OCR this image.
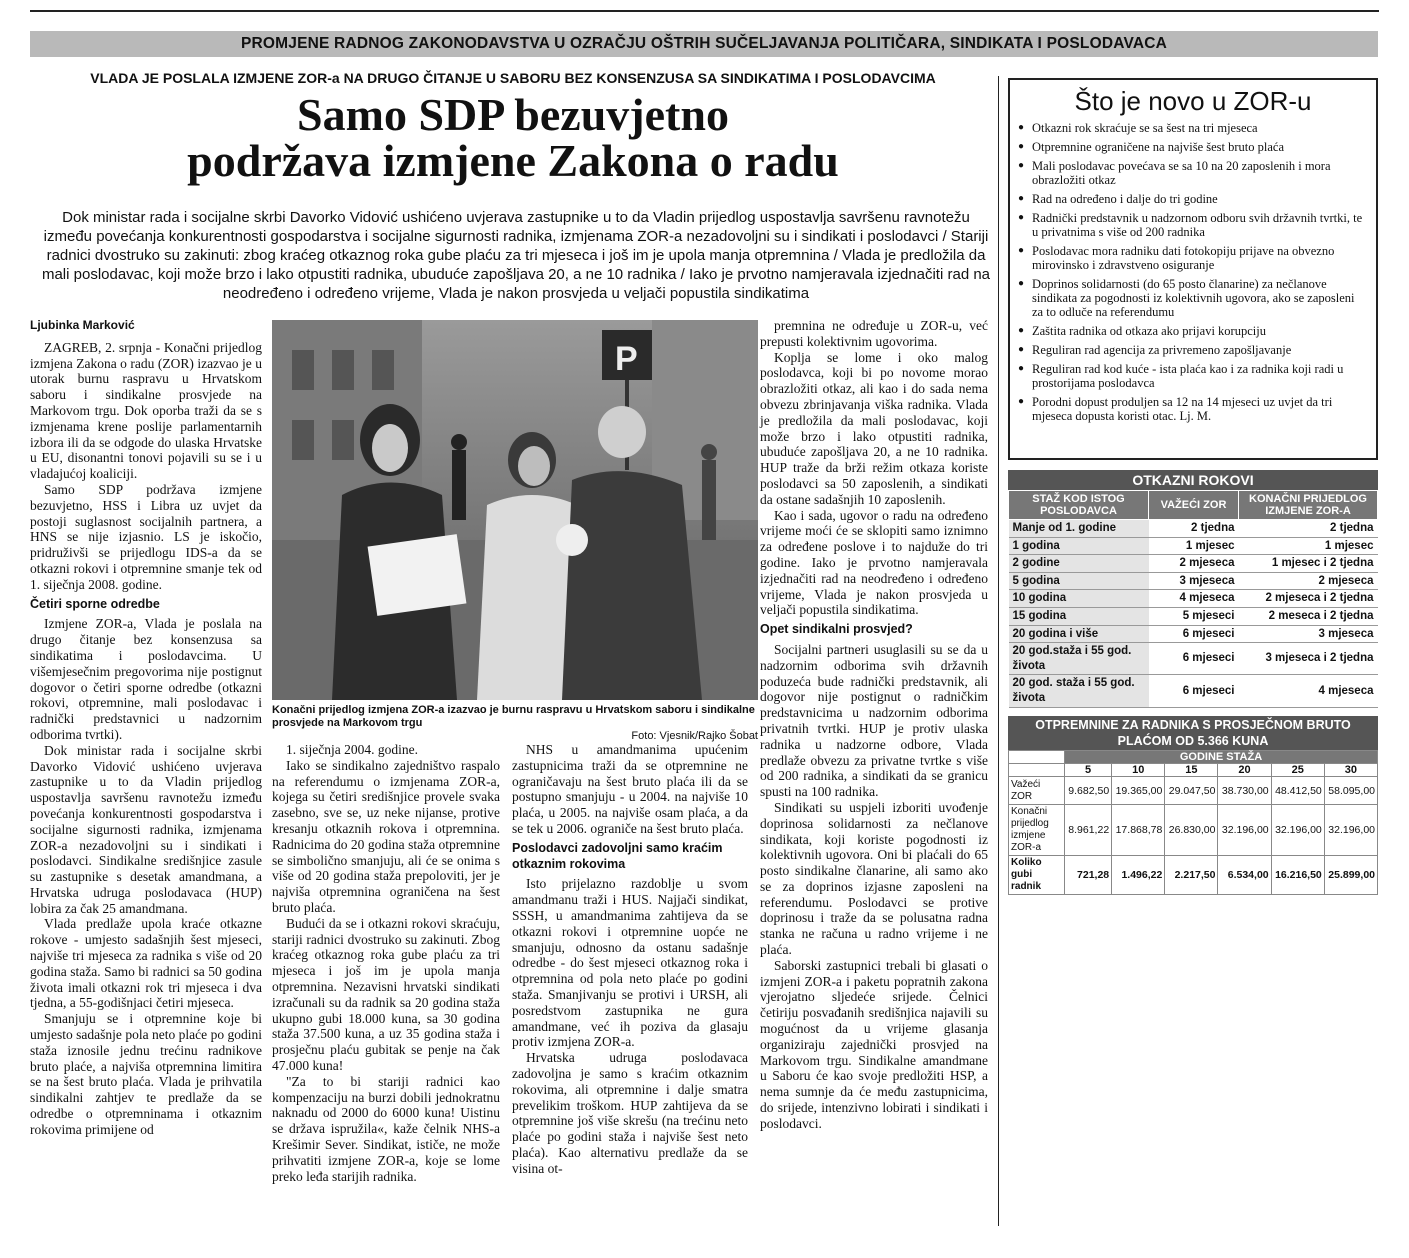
PROMJENE RADNOG ZAKONODAVSTVA U OZRAČJU OŠTRIH SUČELJAVANJA POLITIČARA, SINDIKATA I POSLODAVACA
VLADA JE POSLALA IZMJENE ZOR-a NA DRUGO ČITANJE U SABORU BEZ KONSENZUSA SA SINDIKATIMA I POSLODAVCIMA
Samo SDP bezuvjetno
podržava izmjene Zakona o radu
Dok ministar rada i socijalne skrbi Davorko Vidović ushićeno uvjerava zastupnike u to da Vladin prijedlog uspostavlja savršenu ravnotežu između povećanja konkurentnosti gospodarstva i socijalne sigurnosti radnika, izmjenama ZOR-a nezadovoljni su i sindikati i poslodavci / Stariji radnici dvostruko su zakinuti: zbog kraćeg otkaznog roka gube plaću za tri mjeseca i još im je upola manja otpremnina / Vlada je predložila da mali poslodavac, koji može brzo i lako otpustiti radnika, ubuduće zapošljava 20, a ne 10 radnika / Iako je prvotno namjeravala izjednačiti rad na neodređeno i određeno vrijeme, Vlada je nakon prosvjeda u veljači popustila sindikatima
Ljubinka Marković

ZAGREB, 2. srpnja - Konačni prijedlog izmjena Zakona o radu (ZOR) izazvao je u utorak burnu raspravu u Hrvatskom saboru i sindikalne prosvjede na Markovom trgu. Dok oporba traži da se s izmjenama krene poslije parlamentarnih izbora ili da se odgode do ulaska Hrvatske u EU, disonantni tonovi pojavili su se i u vladajućoj koaliciji.

Samo SDP podržava izmjene bezuvjetno, HSS i Libra uz uvjet da postoji suglasnost socijalnih partnera, a HNS se nije izjasnio. LS je iskočio, pridruživši se prijedlogu IDS-a da se otkazni rokovi i otpremnine smanje tek od 1. siječnja 2008. godine.

Četiri sporne odredbe

Izmjene ZOR-a, Vlada je poslala na drugo čitanje bez konsenzusa sa sindikatima i poslodavcima. U višemjesečnim pregovorima nije postignut dogovor o četiri sporne odredbe (otkazni rokovi, otpremnine, mali poslodavac i radnički predstavnici u nadzornim odborima tvrtki).

Dok ministar rada i socijalne skrbi Davorko Vidović ushićeno uvjerava zastupnike u to da Vladin prijedlog uspostavlja savršenu ravnotežu između povećanja konkurentnosti gospodarstva i socijalne sigurnosti radnika, izmjenama ZOR-a nezadovoljni su i sindikati i poslodavci. Sindikalne središnjice zasule su zastupnike s desetak amandmana, a Hrvatska udruga poslodavaca (HUP) lobira za čak 25 amandmana.

Vlada predlaže upola kraće otkazne rokove - umjesto sadašnjih šest mjeseci, najviše tri mjeseca za radnika s više od 20 godina staža. Samo bi radnici sa 50 godina života imali otkazni rok tri mjeseca i dva tjedna, a 55-godišnjaci četiri mjeseca.

Smanjuju se i otpremnine koje bi umjesto sadašnje pola neto plaće po godini staža iznosile jednu trećinu radnikove bruto plaće, a najviša otpremnina limitira se na šest bruto plaća. Vlada je prihvatila sindikalni zahtjev te predlaže da se odredbe o otpremninama i otkaznim rokovima primijene od

P
Konačni prijedlog izmjena ZOR-a izazvao je burnu raspravu u Hrvatskom saboru i sindikalne prosvjede na Markovom trgu
Foto: Vjesnik/Rajko Šobat

1. siječnja 2004. godine.

Iako se sindikalno zajedništvo raspalo na referendumu o izmjenama ZOR-a, kojega su četiri središnjice provele svaka zasebno, sve se, uz neke nijanse, protive kresanju otkaznih rokova i otpremnina. Radnicima do 20 godina staža otpremnine se simbolično smanjuju, ali će se onima s više od 20 godina staža prepoloviti, jer je najviša otpremnina ograničena na šest bruto plaća.

Budući da se i otkazni rokovi skraćuju, stariji radnici dvostruko su zakinuti. Zbog kraćeg otkaznog roka gube plaću za tri mjeseca i još im je upola manja otpremnina. Nezavisni hrvatski sindikati izračunali su da radnik sa 20 godina staža ukupno gubi 18.000 kuna, sa 30 godina staža 37.500 kuna, a uz 35 godina staža i prosječnu plaću gubitak se penje na čak 47.000 kuna!

"Za to bi stariji radnici kao kompenzaciju na burzi dobili jednokratnu naknadu od 2000 do 6000 kuna! Uistinu se država ispružila«, kaže čelnik NHS-a Krešimir Sever. Sindikat, ističe, ne može prihvatiti izmjene ZOR-a, koje se lome preko leđa starijih radnika.

NHS u amandmanima upućenim zastupnicima traži da se otpremnine ne ograničavaju na šest bruto plaća ili da se postupno smanjuju - u 2004. na najviše 10 plaća, u 2005. na najviše osam plaća, a da se tek u 2006. ograniče na šest bruto plaća.

Poslodavci zadovoljni samo kraćim otkaznim rokovima

Isto prijelazno razdoblje u svom amandmanu traži i HUS. Najjači sindikat, SSSH, u amandmanima zahtijeva da se otkazni rokovi i otpremnine uopće ne smanjuju, odnosno da ostanu sadašnje odredbe - do šest mjeseci otkaznog roka i otpremnina od pola neto plaće po godini staža. Smanjivanju se protivi i URSH, ali posredstvom zastupnika ne gura amandmane, već ih poziva da glasaju protiv izmjena ZOR-a.

Hrvatska udruga poslodavaca zadovoljna je samo s kraćim otkaznim rokovima, ali otpremnine i dalje smatra prevelikim troškom. HUP zahtijeva da se otpremnine još više skrešu (na trećinu neto plaće po godini staža i najviše šest neto plaća). Kao alternativu predlaže da se visina ot-

premnina ne određuje u ZOR-u, već prepusti kolektivnim ugovorima.

Koplja se lome i oko malog poslodavca, koji bi po novome morao obrazložiti otkaz, ali kao i do sada nema obvezu zbrinjavanja viška radnika. Vlada je predložila da mali poslodavac, koji može brzo i lako otpustiti radnika, ubuduće zapošljava 20, a ne 10 radnika. HUP traže da brži režim otkaza koriste poslodavci sa 50 zaposlenih, a sindikati da ostane sadašnjih 10 zaposlenih.

Kao i sada, ugovor o radu na određeno vrijeme moći će se sklopiti samo iznimno za određene poslove i to najduže do tri godine. Iako je prvotno namjeravala izjednačiti rad na neodređeno i određeno vrijeme, Vlada je nakon prosvjeda u veljači popustila sindikatima.

Opet sindikalni prosvjed?

Socijalni partneri usuglasili su se da u nadzornim odborima svih državnih poduzeća bude radnički predstavnik, ali dogovor nije postignut o radničkim predstavnicima u nadzornim odborima privatnih tvrtki. HUP je protiv ulaska radnika u nadzorne odbore, Vlada predlaže obvezu za privatne tvrtke s više od 200 radnika, a sindikati da se granicu spusti na 100 radnika.

Sindikati su uspjeli izboriti uvođenje doprinosa solidarnosti za nečlanove sindikata, koji koriste pogodnosti iz kolektivnih ugovora. Oni bi plaćali do 65 posto sindikalne članarine, ali samo ako se za doprinos izjasne zaposleni na referendumu. Poslodavci se protive doprinosu i traže da se polusatna radna stanka ne računa u radno vrijeme i ne plaća.

Saborski zastupnici trebali bi glasati o izmjeni ZOR-a i paketu popratnih zakona vjerojatno sljedeće srijede. Čelnici četiriju posvađanih središnjica najavili su mogućnost da u vrijeme glasanja organiziraju zajednički prosvjed na Markovom trgu. Sindikalne amandmane u Saboru će kao svoje predložiti HSP, a nema sumnje da će među zastupnicima, do srijede, intenzivno lobirati i sindikati i poslodavci.

Što je novo u ZOR-u
● Otkazni rok skraćuje se sa šest na tri mjeseca
● Otpremnine ograničene na najviše šest bruto plaća
● Mali poslodavac povećava se sa 10 na 20 zaposlenih i mora obrazložiti otkaz
● Rad na određeno i dalje do tri godine
● Radnički predstavnik u nadzornom odboru svih državnih tvrtki, te u privatnima s više od 200 radnika
● Poslodavac mora radniku dati fotokopiju prijave na obvezno mirovinsko i zdravstveno osiguranje
● Doprinos solidarnosti (do 65 posto članarine) za nečlanove sindikata za pogodnosti iz kolektivnih ugovora, ako se zaposleni za to odluče na referendumu
● Zaštita radnika od otkaza ako prijavi korupciju
● Reguliran rad agencija za privremeno zapošljavanje
● Reguliran rad kod kuće - ista plaća kao i za radnika koji radi u prostorijama poslodavca
● Porodni dopust produljen sa 12 na 14 mjeseci uz uvjet da tri mjeseca dopusta koristi otac. Lj. M.
OTKAZNI ROKOVI
STAŽ KOD ISTOG POSLODAVCA	VAŽEĆI ZOR	KONAČNI PRIJEDLOG IZMJENE ZOR-A
Manje od 1. godine	2 tjedna	2 tjedna
1 godina	1 mjesec	1 mjesec
2 godine	2 mjeseca	1 mjesec i 2 tjedna
5 godina	3 mjeseca	2 mjeseca
10 godina	4 mjeseca	2 mjeseca i 2 tjedna
15 godina	5 mjeseci	2 meseca i 2 tjedna
20 godina i više	6 mjeseci	3 mjeseca
20 god.staža i 55 god. života	6 mjeseci	3 mjeseca i 2 tjedna
20 god. staža i 55 god. života	6 mjeseci	4 mjeseca
OTPREMNINE ZA RADNIKA S PROSJEČNOM BRUTO PLAĆOM OD 5.366 KUNA
	GODINE STAŽA					
	5	10	15	20	25	30
Važeći ZOR	9.682,50	19.365,00	29.047,50	38.730,00	48.412,50	58.095,00
Konačni prijedlog izmjene ZOR-a	8.961,22	17.868,78	26.830,00	32.196,00	32.196,00	32.196,00
Koliko gubi radnik	721,28	1.496,22	2.217,50	6.534,00	16.216,50	25.899,00
